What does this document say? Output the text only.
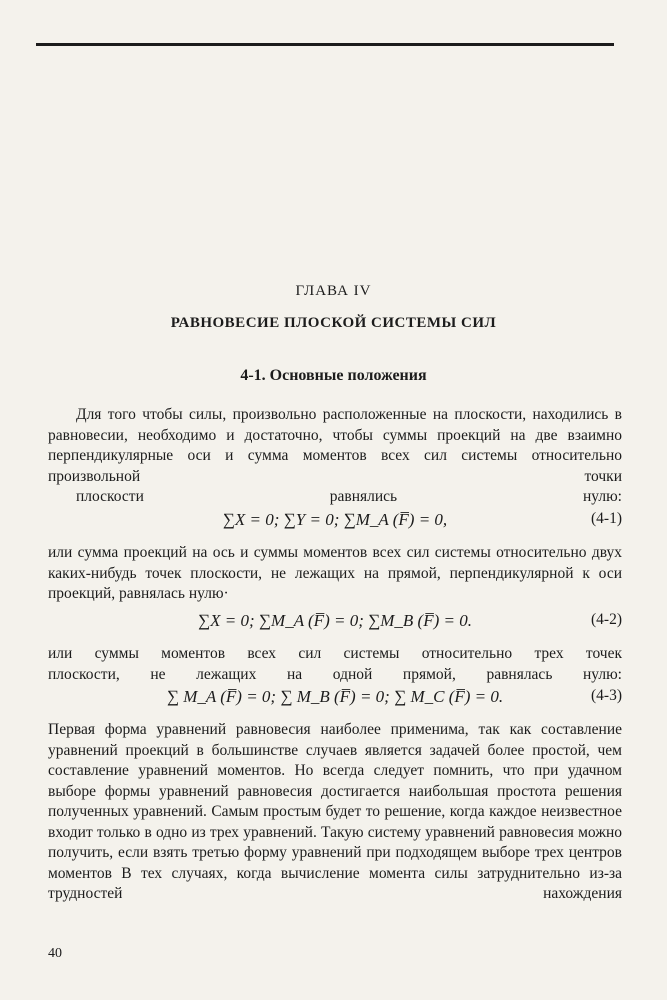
ГЛАВА IV
РАВНОВЕСИЕ ПЛОСКОЙ СИСТЕМЫ СИЛ
4-1. Основные положения
Для того чтобы силы, произвольно расположенные на плоскости, находились в равновесии, необходимо и достаточно, чтобы суммы проекций на две взаимно перпендикулярные оси и сумма моментов всех сил системы относительно произвольной точки
плоскости равнялись нулю:
∑X = 0; ∑Y = 0; ∑M_A (F̅) = 0,	(4-1)
или сумма проекций на ось и суммы моментов всех сил системы относительно двух каких-нибудь точек плоскости, не лежащих на прямой, перпендикулярной к оси проекций, равнялась нулю·
∑X = 0; ∑M_A (F̅) = 0; ∑M_B (F̅) = 0.	(4-2)
или суммы моментов всех сил системы относительно трех точек
плоскости, не лежащих на одной прямой, равнялась нулю:
∑ M_A (F̅) = 0; ∑ M_B (F̅) = 0; ∑ M_C (F̅) = 0.	(4-3)
Первая форма уравнений равновесия наиболее применима, так как составление уравнений проекций в большинстве случаев является задачей более простой, чем составление уравнений моментов. Но всегда следует помнить, что при удачном выборе формы уравнений равновесия достигается наибольшая простота решения полученных уравнений. Самым простым будет то решение, когда каждое неизвестное входит только в одно из трех уравнений. Такую систему уравнений равновесия можно получить, если взять третью форму уравнений при подходящем выборе трех центров моментов В тех случаях, когда вычисление момента силы затруднительно из-за трудностей нахождения
40
